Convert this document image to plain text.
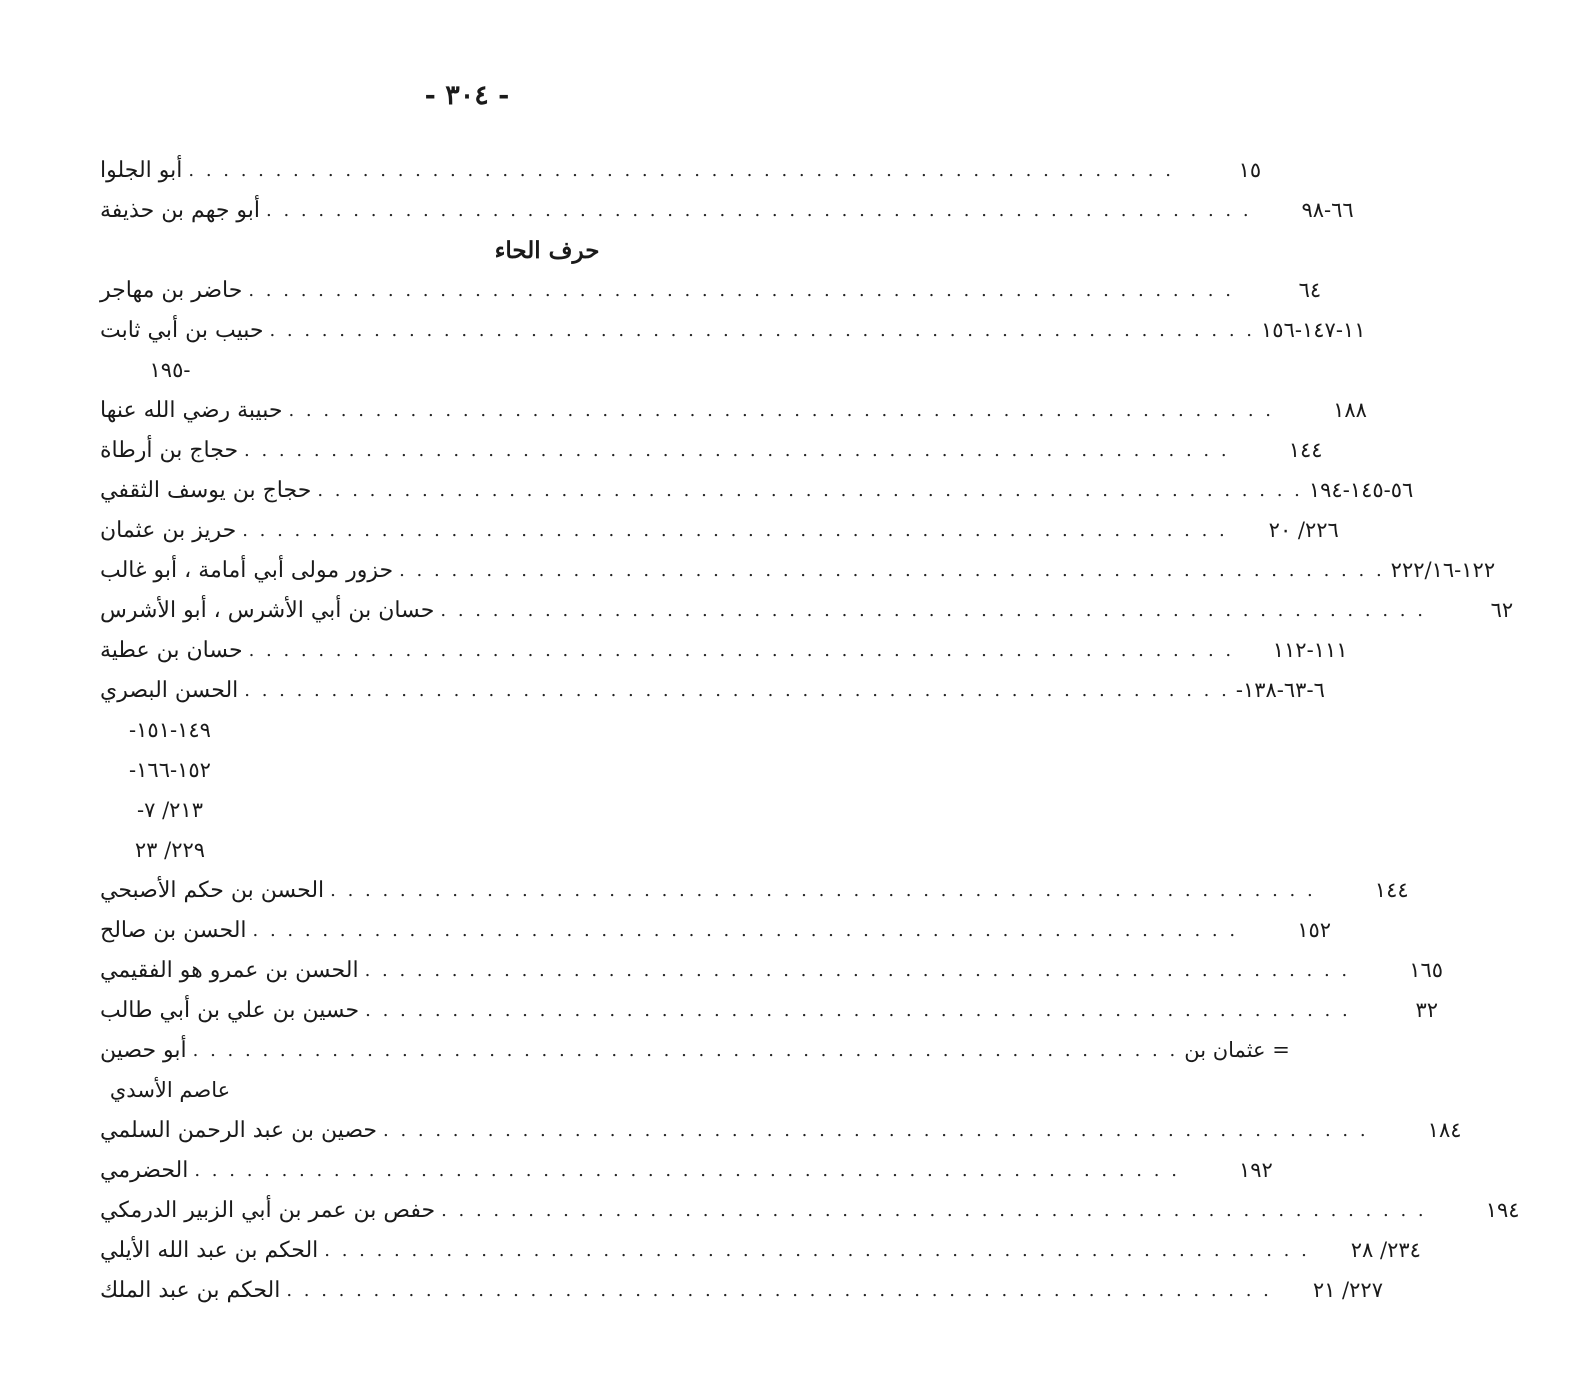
- ٣٠٤ -
أبو الجلوا . . . . . . . . . . . . . . . . . . . . . . . . . . . . . . . . . . . . . . . . . . . . . . . . . . . . . . . . .	١٥
أبو جهم بن حذيفة . . . . . . . . . . . . . . . . . . . . . . . . . . . . . . . . . . . . . . . . . . . . . . . . . . . . . . . . .	٦٦-٩٨
حرف الحاء
حاضر بن مهاجر . . . . . . . . . . . . . . . . . . . . . . . . . . . . . . . . . . . . . . . . . . . . . . . . . . . . . . . . .	٦٤
حبيب بن أبي ثابت . . . . . . . . . . . . . . . . . . . . . . . . . . . . . . . . . . . . . . . . . . . . . . . . . . . . . . . . . ١١-١٤٧-١٥٦
-١٩٥
حبيبة رضي الله عنها . . . . . . . . . . . . . . . . . . . . . . . . . . . . . . . . . . . . . . . . . . . . . . . . . . . . . . . . .	١٨٨
حجاج بن أرطاة . . . . . . . . . . . . . . . . . . . . . . . . . . . . . . . . . . . . . . . . . . . . . . . . . . . . . . . . .	١٤٤
حجاج بن يوسف الثقفي . . . . . . . . . . . . . . . . . . . . . . . . . . . . . . . . . . . . . . . . . . . . . . . . . . . . . . . . . ٥٦-١٤٥-١٩٤
حريز بن عثمان . . . . . . . . . . . . . . . . . . . . . . . . . . . . . . . . . . . . . . . . . . . . . . . . . . . . . . . . .	٢٢٦/ ٢٠
حزور مولى أبي أمامة ، أبو غالب . . . . . . . . . . . . . . . . . . . . . . . . . . . . . . . . . . . . . . . . . . . . . . . . . . . . . . . . . ١٢٢-٢٢٢/١٦
حسان بن أبي الأشرس ، أبو الأشرس . . . . . . . . . . . . . . . . . . . . . . . . . . . . . . . . . . . . . . . . . . . . . . . . . . . . . . . . .	٦٢
حسان بن عطية . . . . . . . . . . . . . . . . . . . . . . . . . . . . . . . . . . . . . . . . . . . . . . . . . . . . . . . . .	١١١-١١٢
الحسن البصري . . . . . . . . . . . . . . . . . . . . . . . . . . . . . . . . . . . . . . . . . . . . . . . . . . . . . . . . . ٦-٦٣-١٣٨-
١٤٩-١٥١-
١٥٢-١٦٦-
٢١٣/ ٧-
٢٢٩/ ٢٣
الحسن بن حكم الأصبحي . . . . . . . . . . . . . . . . . . . . . . . . . . . . . . . . . . . . . . . . . . . . . . . . . . . . . . . . .	١٤٤
الحسن بن صالح . . . . . . . . . . . . . . . . . . . . . . . . . . . . . . . . . . . . . . . . . . . . . . . . . . . . . . . . .	١٥٢
الحسن بن عمرو هو الفقيمي . . . . . . . . . . . . . . . . . . . . . . . . . . . . . . . . . . . . . . . . . . . . . . . . . . . . . . . . .	١٦٥
حسين بن علي بن أبي طالب . . . . . . . . . . . . . . . . . . . . . . . . . . . . . . . . . . . . . . . . . . . . . . . . . . . . . . . . .	٣٢
أبو حصين . . . . . . . . . . . . . . . . . . . . . . . . . . . . . . . . . . . . . . . . . . . . . . . . . . . . . . . . . = عثمان بن
عاصم الأسدي
حصين بن عبد الرحمن السلمي . . . . . . . . . . . . . . . . . . . . . . . . . . . . . . . . . . . . . . . . . . . . . . . . . . . . . . . . .	١٨٤
الحضرمي . . . . . . . . . . . . . . . . . . . . . . . . . . . . . . . . . . . . . . . . . . . . . . . . . . . . . . . . .	١٩٢
حفص بن عمر بن أبي الزبير الدرمكي . . . . . . . . . . . . . . . . . . . . . . . . . . . . . . . . . . . . . . . . . . . . . . . . . . . . . . . . .	١٩٤
الحكم بن عبد الله الأيلي . . . . . . . . . . . . . . . . . . . . . . . . . . . . . . . . . . . . . . . . . . . . . . . . . . . . . . . . .	٢٣٤/ ٢٨
الحكم بن عبد الملك . . . . . . . . . . . . . . . . . . . . . . . . . . . . . . . . . . . . . . . . . . . . . . . . . . . . . . . . .	٢٢٧/ ٢١
